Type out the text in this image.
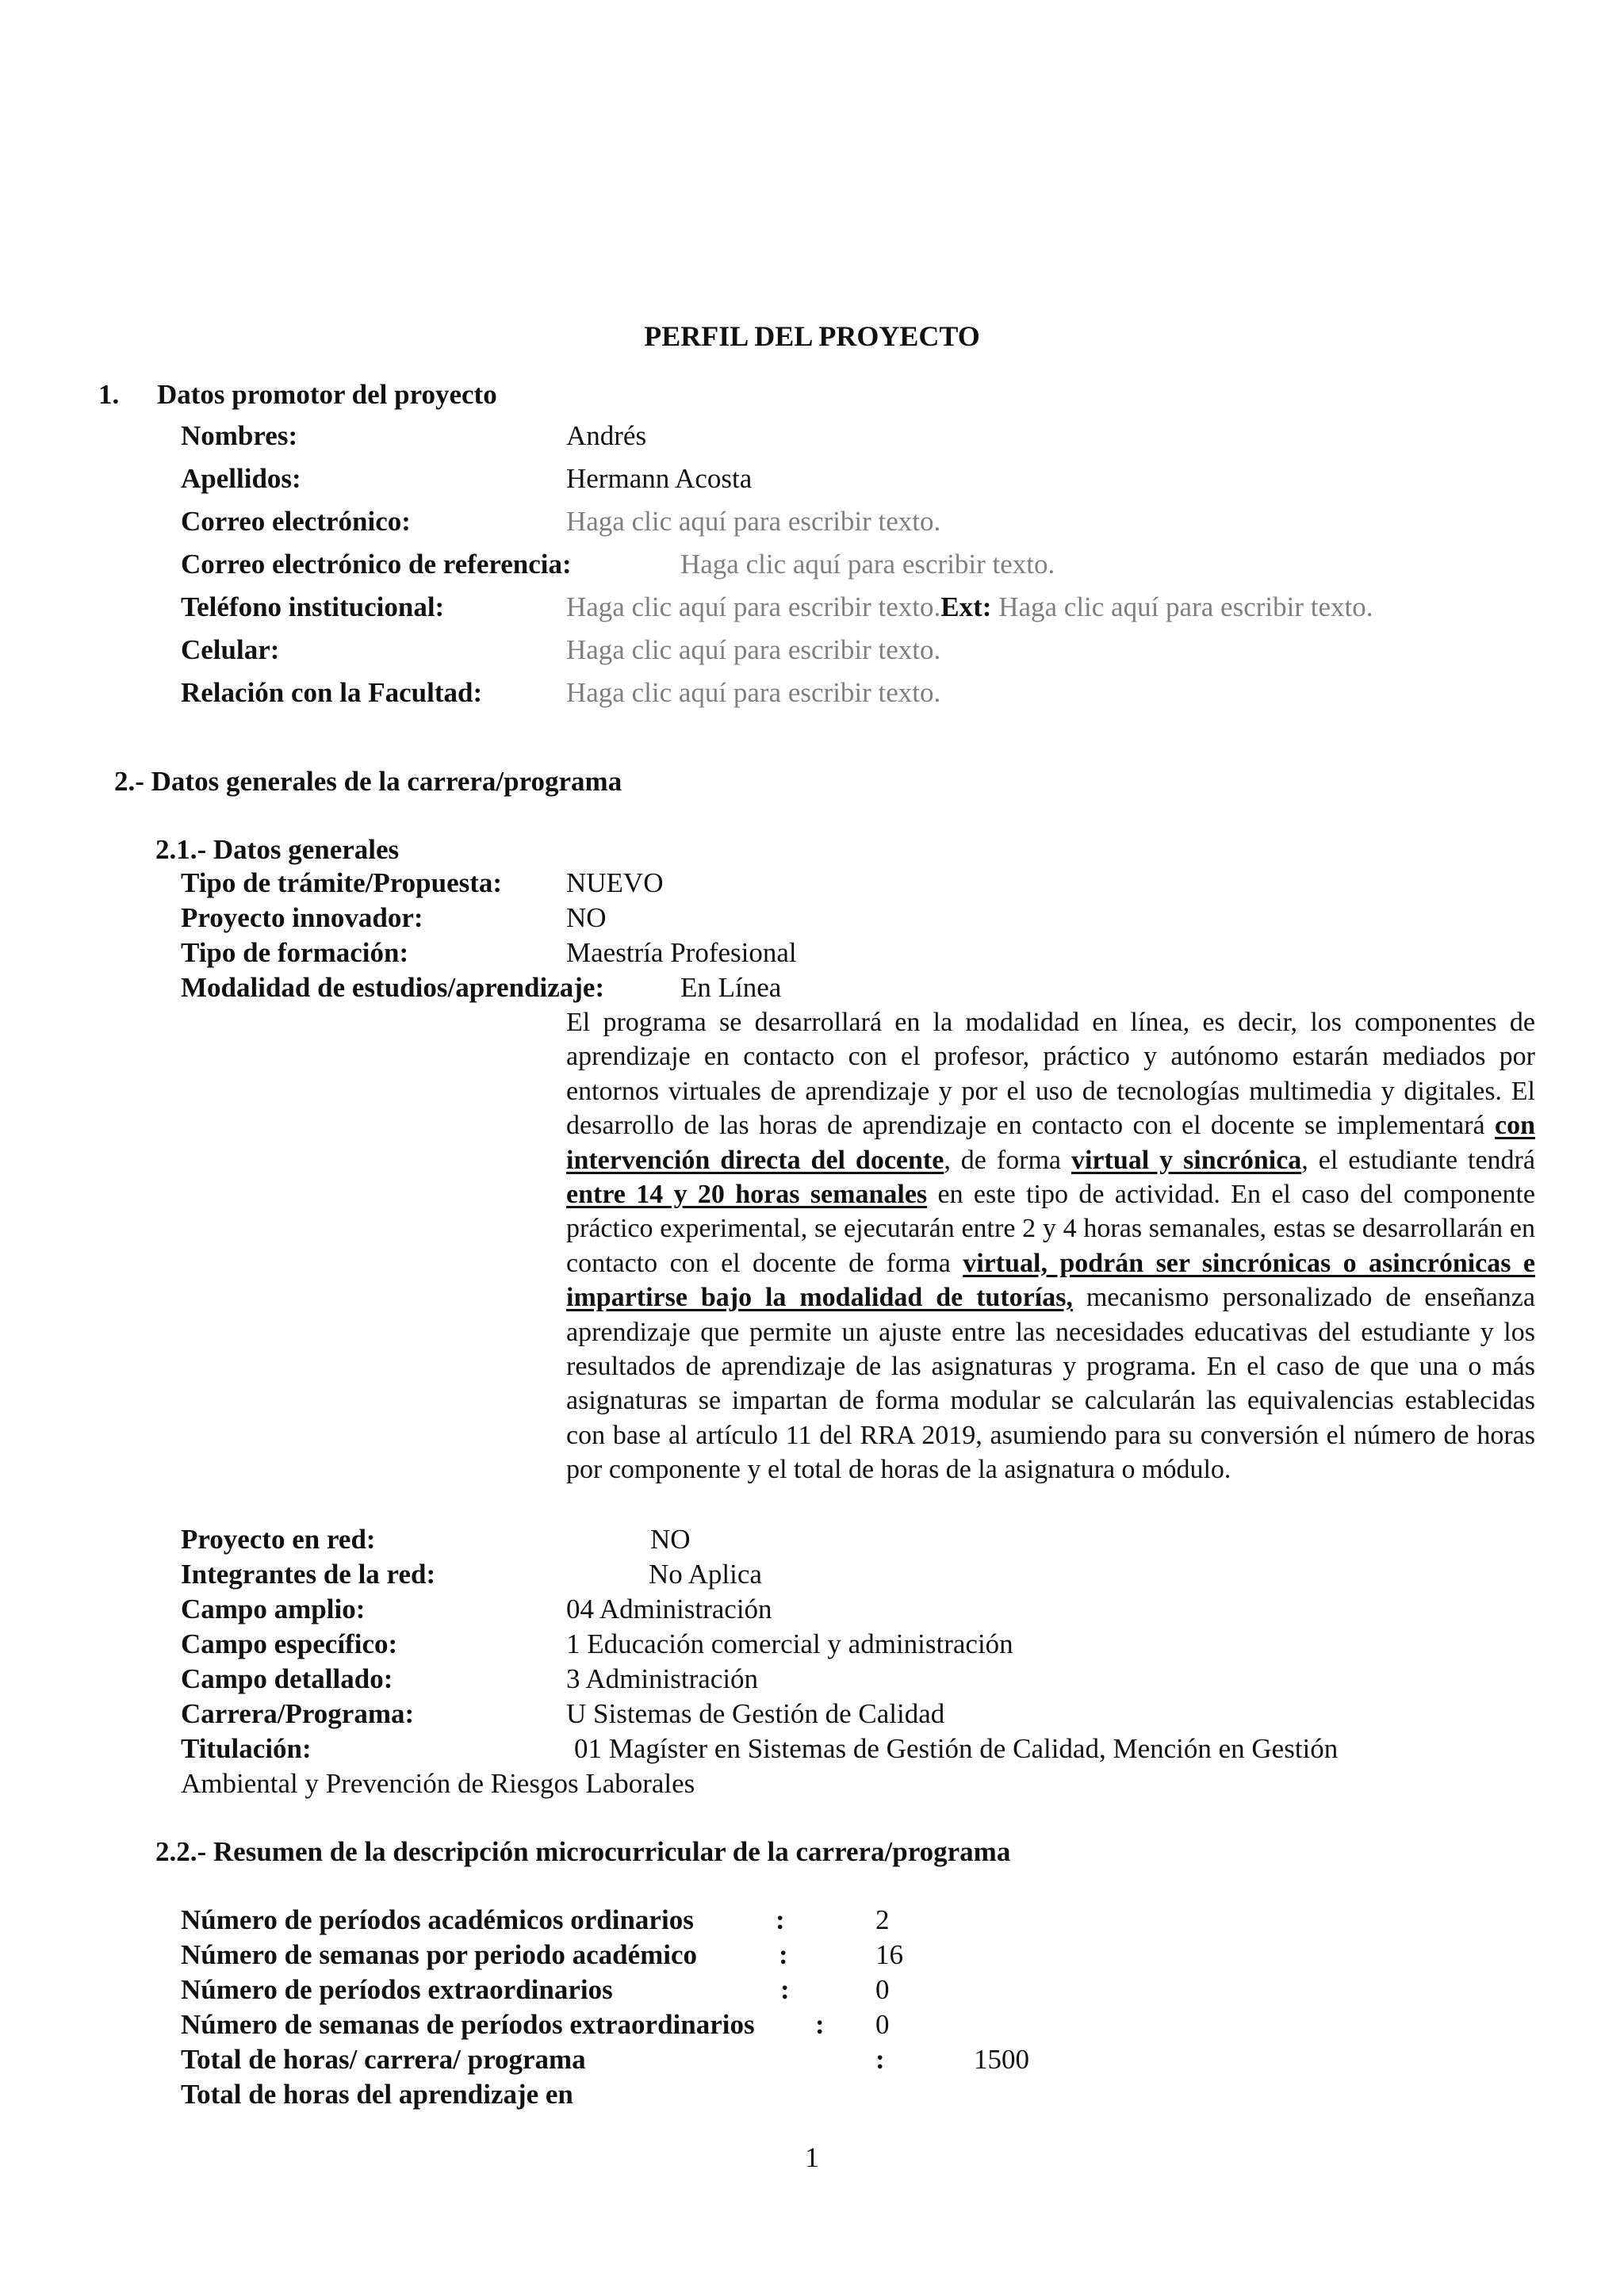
PERFIL DEL PROYECTO
1. Datos promotor del proyecto
Nombres:	Andrés
Apellidos:	Hermann Acosta
Correo electrónico:	Haga clic aquí para escribir texto.
Correo electrónico de referencia:	Haga clic aquí para escribir texto.
Teléfono institucional:	Haga clic aquí para escribir texto.Ext: Haga clic aquí para escribir texto.
Celular:	Haga clic aquí para escribir texto.
Relación con la Facultad:	Haga clic aquí para escribir texto.
2.- Datos generales de la carrera/programa
2.1.- Datos generales
Tipo de trámite/Propuesta: NUEVO
Proyecto innovador:	NO
Tipo de formación:	Maestría Profesional
Modalidad de estudios/aprendizaje:	En Línea
El programa se desarrollará en la modalidad en línea, es decir, los componentes de aprendizaje en contacto con el profesor, práctico y autónomo estarán mediados por entornos virtuales de aprendizaje y por el uso de tecnologías multimedia y digitales. El desarrollo de las horas de aprendizaje en contacto con el docente se implementará con intervención directa del docente, de forma virtual y sincrónica, el estudiante tendrá entre 14 y 20 horas semanales en este tipo de actividad. En el caso del componente práctico experimental, se ejecutarán entre 2 y 4 horas semanales, estas se desarrollarán en contacto con el docente de forma virtual, podrán ser sincrónicas o asincrónicas e impartirse bajo la modalidad de tutorías, mecanismo personalizado de enseñanza aprendizaje que permite un ajuste entre las necesidades educativas del estudiante y los resultados de aprendizaje de las asignaturas y programa. En el caso de que una o más asignaturas se impartan de forma modular se calcularán las equivalencias establecidas con base al artículo 11 del RRA 2019, asumiendo para su conversión el número de horas por componente y el total de horas de la asignatura o módulo.
Proyecto en red:	NO
Integrantes de la red:	No Aplica
Campo amplio:	04 Administración
Campo específico:	1 Educación comercial y administración
Campo detallado:	3 Administración
Carrera/Programa:	U Sistemas de Gestión de Calidad
Titulación:	01 Magíster en Sistemas de Gestión de Calidad, Mención en Gestión
Ambiental y Prevención de Riesgos Laborales
2.2.- Resumen de la descripción microcurricular de la carrera/programa
Número de períodos académicos ordinarios	:	2
Número de semanas por periodo académico	:	16
Número de períodos extraordinarios	:	0
Número de semanas de períodos extraordinarios : 0
Total de horas/ carrera/ programa	:	1500
Total de horas del aprendizaje en
1
